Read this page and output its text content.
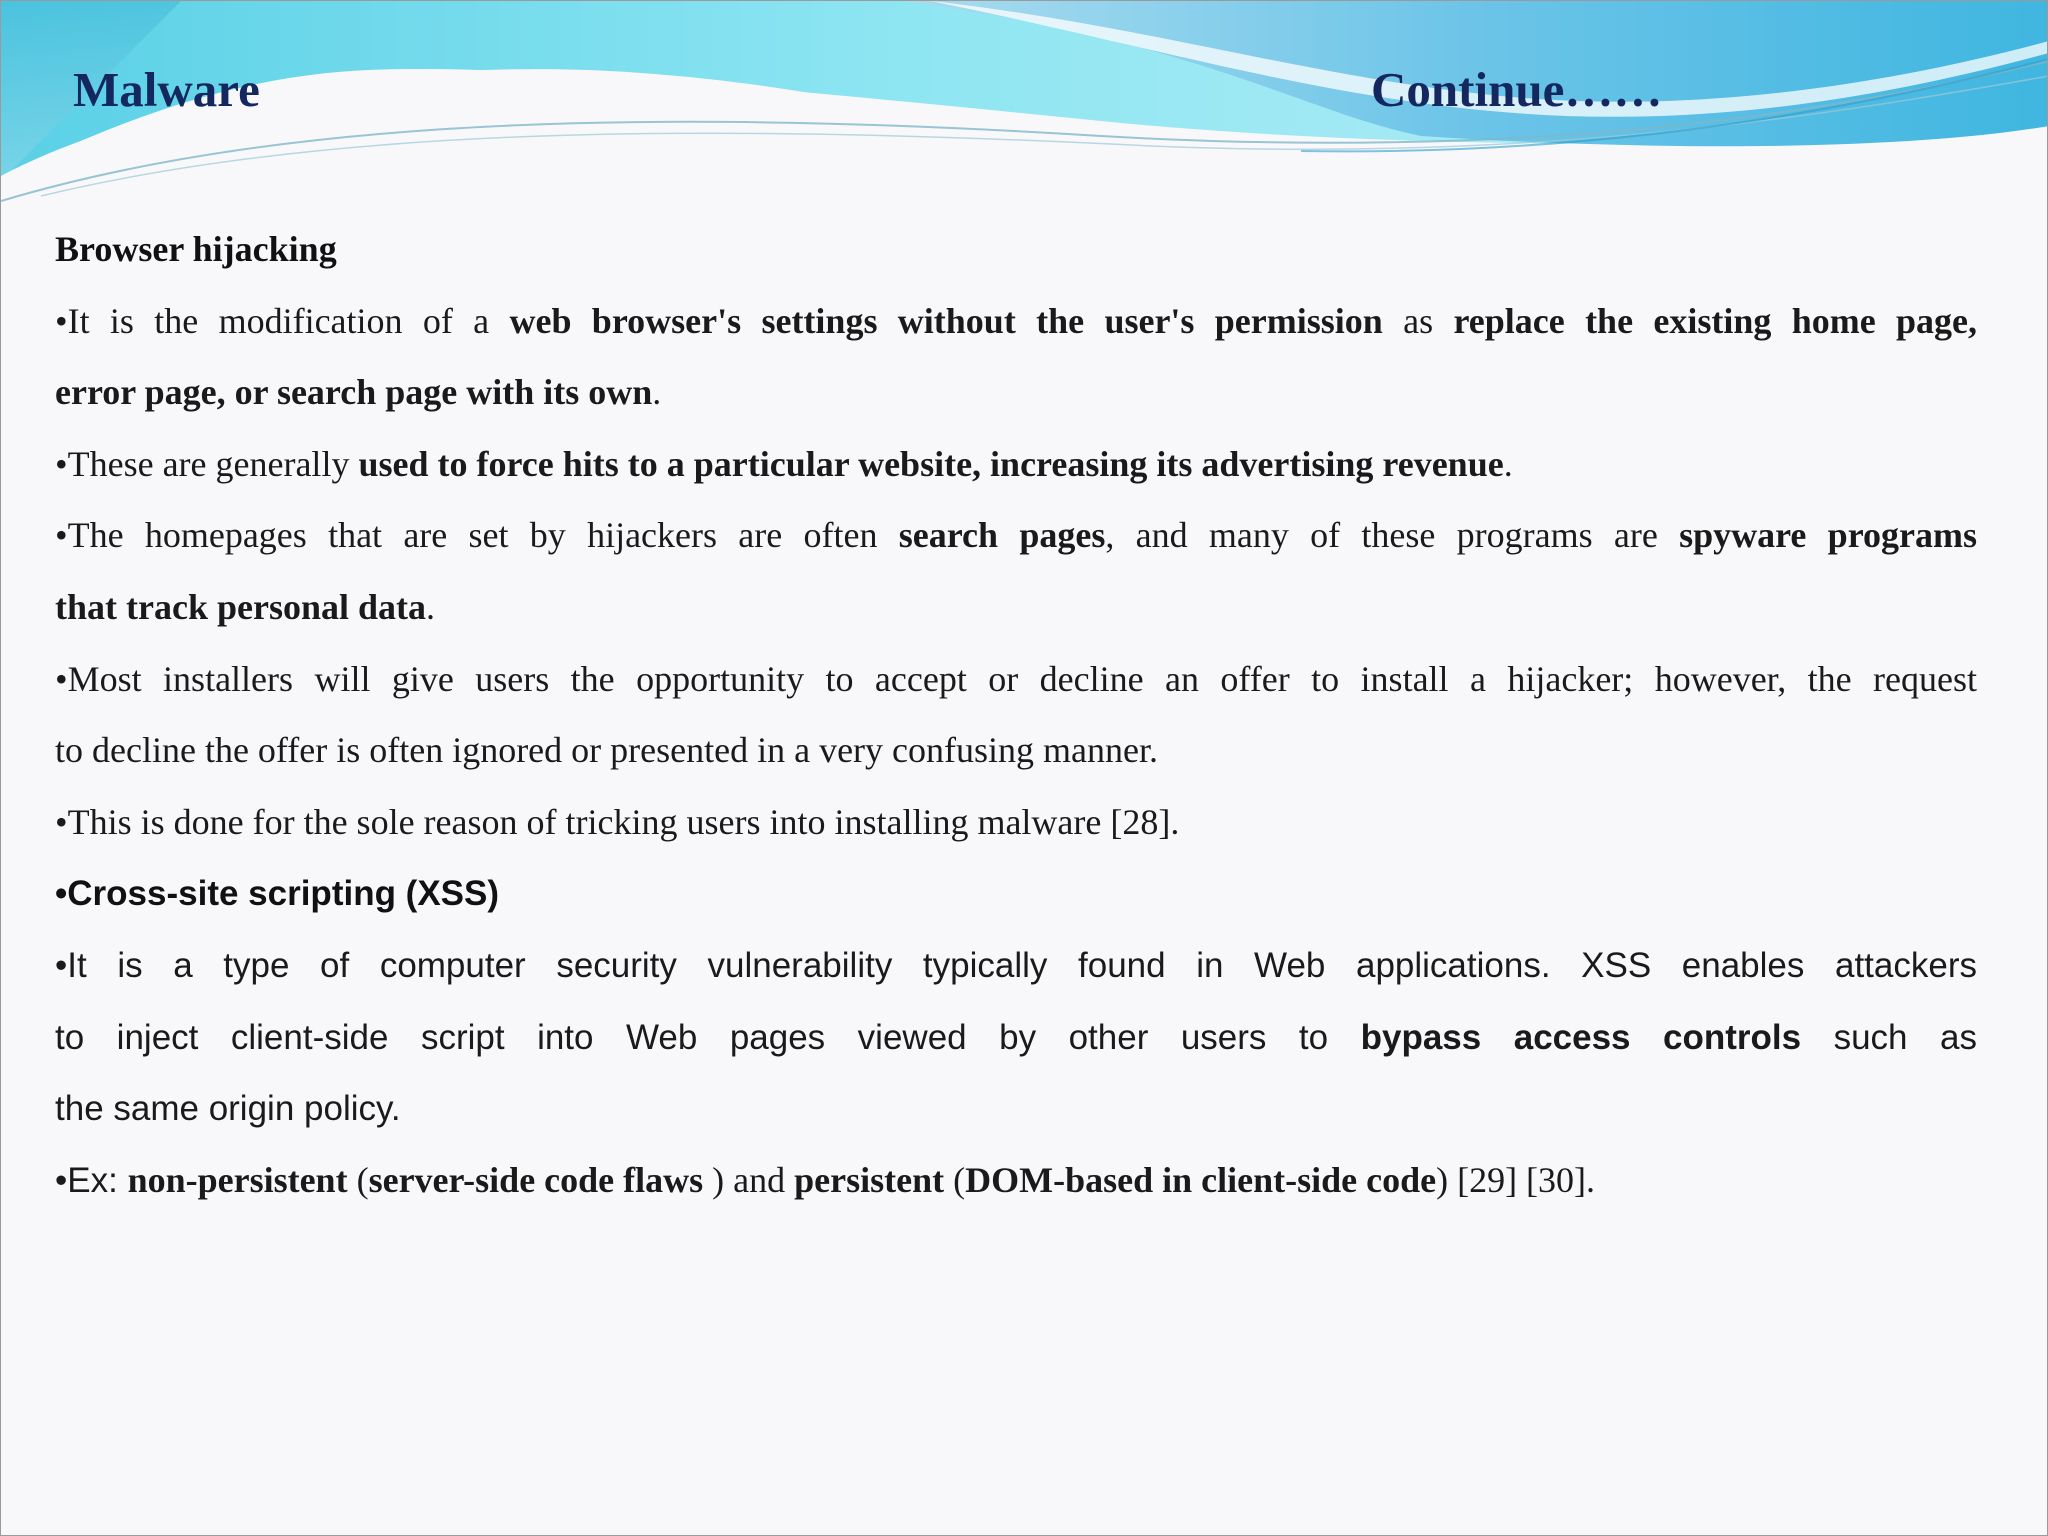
Malware	Continue……
Browser hijacking
•It is the modification of a web browser's settings without the user's permission as replace the existing home page,
error page, or search page with its own.
•These are generally used to force hits to a particular website, increasing its advertising revenue.
•The homepages that are set by hijackers are often search pages, and many of these programs are spyware programs
that track personal data.
•Most installers will give users the opportunity to accept or decline an offer to install a hijacker; however, the request
to decline the offer is often ignored or presented in a very confusing manner.
•This is done for the sole reason of tricking users into installing malware [28].
•Cross-site scripting (XSS)
•It is a type of computer security vulnerability typically found in Web applications. XSS enables attackers
to inject client-side script into Web pages viewed by other users to bypass access controls such as
the same origin policy.
•Ex: non-persistent (server-side code flaws ) and persistent (DOM-based in client-side code) [29] [30].
